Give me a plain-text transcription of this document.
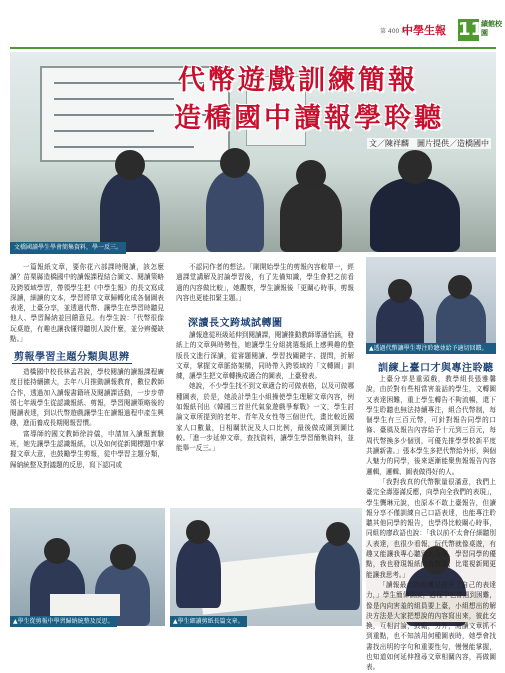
第 400 期
中學生報 11
績館校園
代幣遊戲訓練簡報
造橋國中讀報學聆聽
文／陳祥麟　圖片提供／造橋國中
文橋國讀學生學會簡集資料，學一反三。
▲透過代幣讓學生專注聆聽並給予適切回饋。
▲學生從剪報中學習歸納統整及反思。	▲學生細讀剪紙長篇文章。

一篇報紙文章，要你花六部課時閱讀，該怎麼讀？苗栗縣造橋國中的讀報課程結合圖文、閱讀策略及跨領域學習，帶領學生把《中學生報》的長文寫成深讀，細讀的文本，學習將單文章歸轉化成各個圖表表達，上臺分享，並透過代幣、讓學生在學習時聽見他人、學習歸納並回饋意見。有學生說：「代幣很像玩桌遊，有趣也讓我懂得聽別人說什麼，並分辨優缺點。」

剪報學習主題分類與思辨

造橋國中校長林孟君說，學校閱讀的讀報課程廣度目能持續擴大，去年八月推動讀報教育，數位教師合作，透過加入讀報書籍班及閱讀課活動，一步步帶領七年級學生從認識報紙、剪報，學習閱讀策略後的閱讀表達，到以代幣遊戲讓學生在讀報過程中產生興趣，進而養成長期閱報習慣。

富導師的國文教師徐詩儀，申請加入讀報實驗班，她先讓學生認識報紙，以及如何從新聞標題中掌握文章大意，也鼓勵學生剪報，從中學習主題分類，歸納統整及對議題的反思，寫下認同或

不認同作者的想法。「剛開始學生的剪報內容較單一，經過課堂講解及討論學習後，有了先備知識，學生會把之前看過的內容做比較」，她觀察，學生讀報後「更關心時事，剪報內容也更能扣緊主題。」

深讀長文跨域試轉圖

讀報進從班級延伸到閱讀課，閱讀推動教師導潘怡涵，發紙上的文章與時勢性，她讓學生分組挑選報紙上感興趣的整版長文進行深讀，從審題閱讀、學習找關鍵字、提問，折解文章，掌握文章脈絡架構，同時帶入跨領域的「文轉圖」訓練，讓學生把文章轉換成適合的圖表，上臺發表。

她說，不少學生找不到文章適合的可做表格，以及可做哪種圖表，於是，她設計學生小組操使學生理解文章內容，例如報紙刊出《韓國三首世代氣象遊戲爭奪戰》一文，學生討論文章所提到的老年、青年及女性等三個世代，畫比較近國家人口數量，日相關狀況及人口比例，最後做成圖到圖比較。「進一步延伸文章，查找資料，讓學生學習簡集資料，並能舉一反三。」

訓練上臺口才與專注聆聽

上臺分享是重頭戲，教學組長張雅馨說，由於對有些相當害羞話的學生，文轉圖又表達困難，重上學生轉告不夠流暢，還下學生聆聽也無法持續專注，組合代幣制，每個學生有三百元幣，可針對報告同學的口條、臺風及報告內容給予十元到三百元，每周代幣換多少個別，可優先推學學校新平度共讀新書。」張本學生多把代幣給外形，與個人魅力的同學，後來逐漸能聚焦報報告內容邏輯，邏輯、圖表做得好的人。

「我對我真的代幣獸量很滿意，我們上臺完全壽器滿反應，向學向全我們的表現」，學生龔琳元說，也原本不敢上臺報告，但讀報分享不僅訓練自己口語表達，也能專注聆聽其他同學的報告，也學得比較關心時事，同組的廖政語也說：「我以前不太會仔細聽別人表達，也很少看報，玩代幣就像桌遊，有趣又能讓我專心聽別人分享，學習同學的優點，我也發現報紙內容豐富，比電視新聞更能讓我思考。」

「讀報最大的收穫是提升了自己的表達力，」學生簡偉儒說，過程中也曾遇到困難，像是內向害羞的組員要上臺，小組想出的解決方法是大家把想說的內容寫出來，彼此交換，互相討論，鼓勵，另外，閱讀文章抓不到重點，也不知該用何種圖表時，她學會找書找出明的字句和重要性句，慢慢能掌握，也知道如何延伸搜尋文章相關內容，再做圖表。
